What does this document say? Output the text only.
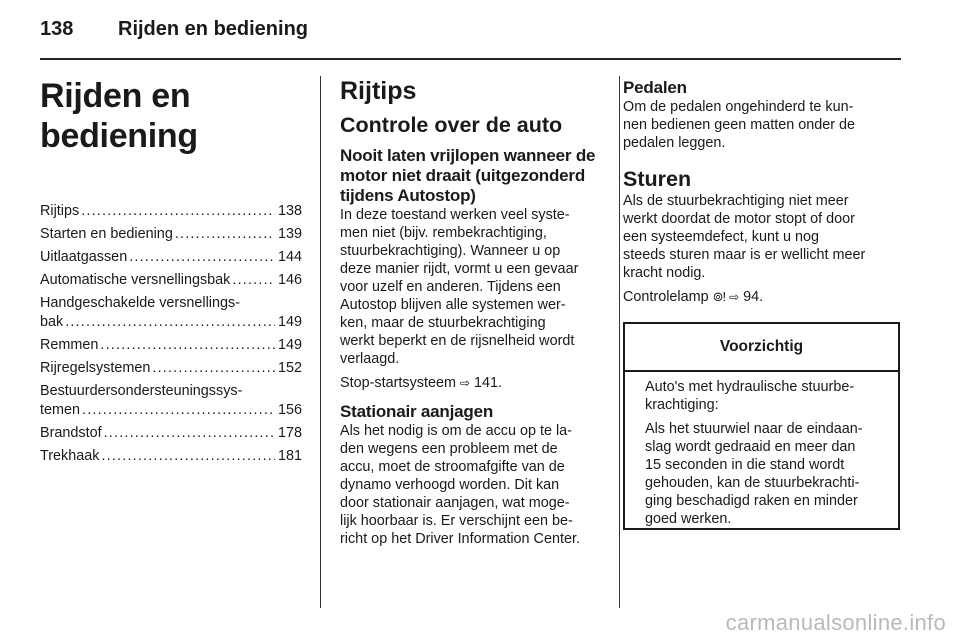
138	Rijden en bediening
Rijden en bediening
Rijtips .....	138
Starten en bediening .....	139
Uitlaatgassen .....	144
Automatische versnellingsbak .....	146
Handgeschakelde versnellings-
bak .....	149
Remmen .....	149
Rijregelsystemen .....	152
Bestuurdersondersteuningssys-
temen .....	156
Brandstof .....	178
Trekhaak .....	181
Rijtips
Controle over de auto
Nooit laten vrijlopen wanneer de motor niet draait (uitgezonderd tijdens Autostop)
In deze toestand werken veel syste-
men niet (bijv. rembekrachtiging,
stuurbekrachtiging). Wanneer u op
deze manier rijdt, vormt u een gevaar
voor uzelf en anderen. Tijdens een
Autostop blijven alle systemen wer-
ken, maar de stuurbekrachtiging
werkt beperkt en de rijsnelheid wordt
verlaagd.
Stop-startsysteem ⇨ 141.
Stationair aanjagen
Als het nodig is om de accu op te la-
den wegens een probleem met de
accu, moet de stroomafgifte van de
dynamo verhoogd worden. Dit kan
door stationair aanjagen, wat moge-
lijk hoorbaar is. Er verschijnt een be-
richt op het Driver Information Center.
Pedalen
Om de pedalen ongehinderd te kun-
nen bedienen geen matten onder de
pedalen leggen.
Sturen
Als de stuurbekrachtiging niet meer
werkt doordat de motor stopt of door
een systeemdefect, kunt u nog
steeds sturen maar is er wellicht meer
kracht nodig.
Controlelamp ⊚! ⇨ 94.
Voorzichtig

Auto's met hydraulische stuurbe-
krachtiging:

Als het stuurwiel naar de eindaan-
slag wordt gedraaid en meer dan
15 seconden in die stand wordt
gehouden, kan de stuurbekrachti-
ging beschadigd raken en minder
goed werken.

carmanualsonline.info
